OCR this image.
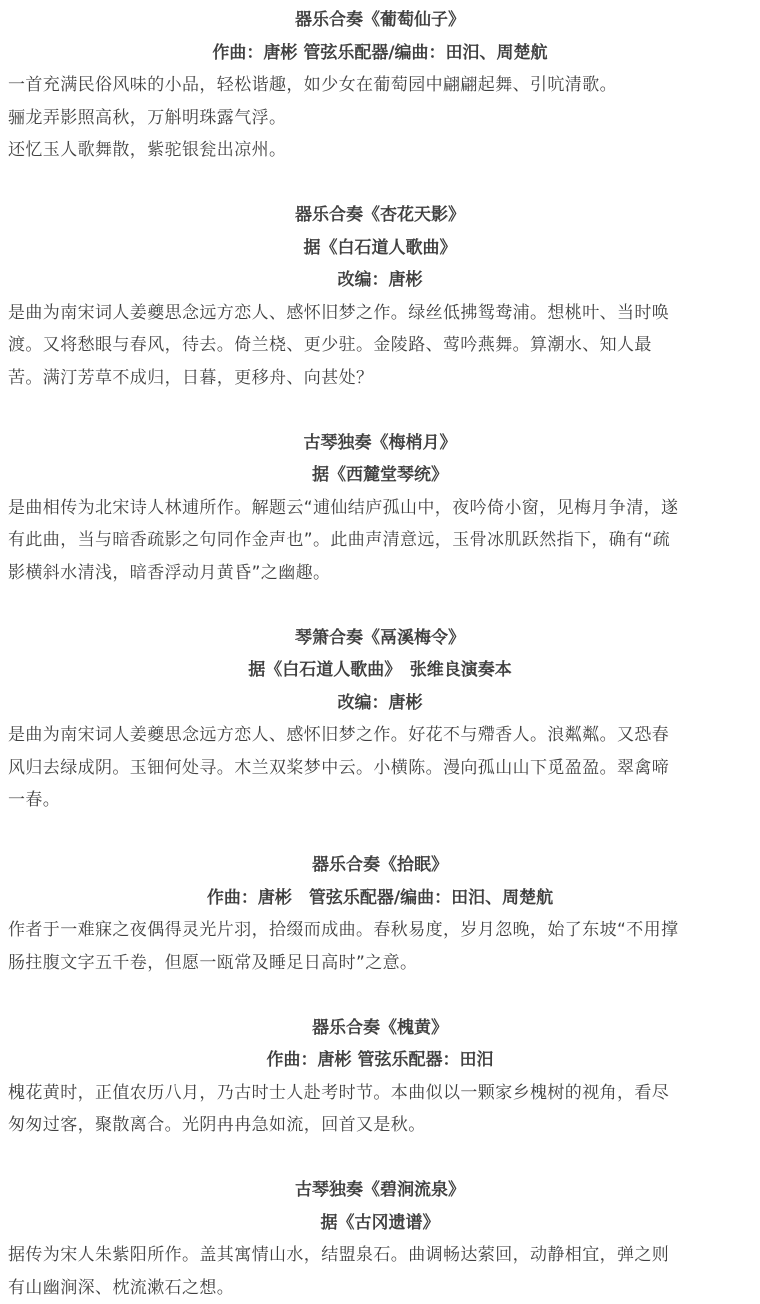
器乐合奏《葡萄仙子》
作曲：唐彬 管弦乐配器/编曲：田汨、周楚航

一首充满民俗风味的小品，轻松谐趣，如少女在葡萄园中翩翩起舞、引吭清歌。
骊龙弄影照高秋，万斛明珠露气浮。
还忆玉人歌舞散，紫驼银瓮出凉州。

器乐合奏《杏花天影》
据《白石道人歌曲》
改编：唐彬

是曲为南宋词人姜夔思念远方恋人、感怀旧梦之作。绿丝低拂鸳鸯浦。想桃叶、当时唤
渡。又将愁眼与春风，待去。倚兰桡、更少驻。金陵路、莺吟燕舞。算潮水、知人最
苦。满汀芳草不成归，日暮，更移舟、向甚处？

古琴独奏《梅梢月》
据《西麓堂琴统》

是曲相传为北宋诗人林逋所作。解题云“逋仙结庐孤山中，夜吟倚小窗，见梅月争清，遂
有此曲，当与暗香疏影之句同作金声也”。此曲声清意远，玉骨冰肌跃然指下，确有“疏
影横斜水清浅，暗香浮动月黄昏”之幽趣。

琴箫合奏《鬲溪梅令》
据《白石道人歌曲》　张维良演奏本
改编：唐彬

是曲为南宋词人姜夔思念远方恋人、感怀旧梦之作。好花不与殢香人。浪粼粼。又恐春
风归去绿成阴。玉钿何处寻。木兰双桨梦中云。小横陈。漫向孤山山下觅盈盈。翠禽啼
一春。

器乐合奏《拾眠》
作曲：唐彬　管弦乐配器/编曲：田汨、周楚航

作者于一难寐之夜偶得灵光片羽，拾缀而成曲。春秋易度，岁月忽晚，始了东坡“不用撑
肠拄腹文字五千卷，但愿一瓯常及睡足日高时”之意。

器乐合奏《槐黄》
作曲：唐彬 管弦乐配器：田汨

槐花黄时，正值农历八月，乃古时士人赴考时节。本曲似以一颗家乡槐树的视角，看尽
匆匆过客，聚散离合。光阴冉冉急如流，回首又是秋。

古琴独奏《碧涧流泉》
据《古冈遗谱》

据传为宋人朱紫阳所作。盖其寓情山水，结盟泉石。曲调畅达萦回，动静相宜，弹之则
有山幽涧深、枕流漱石之想。
